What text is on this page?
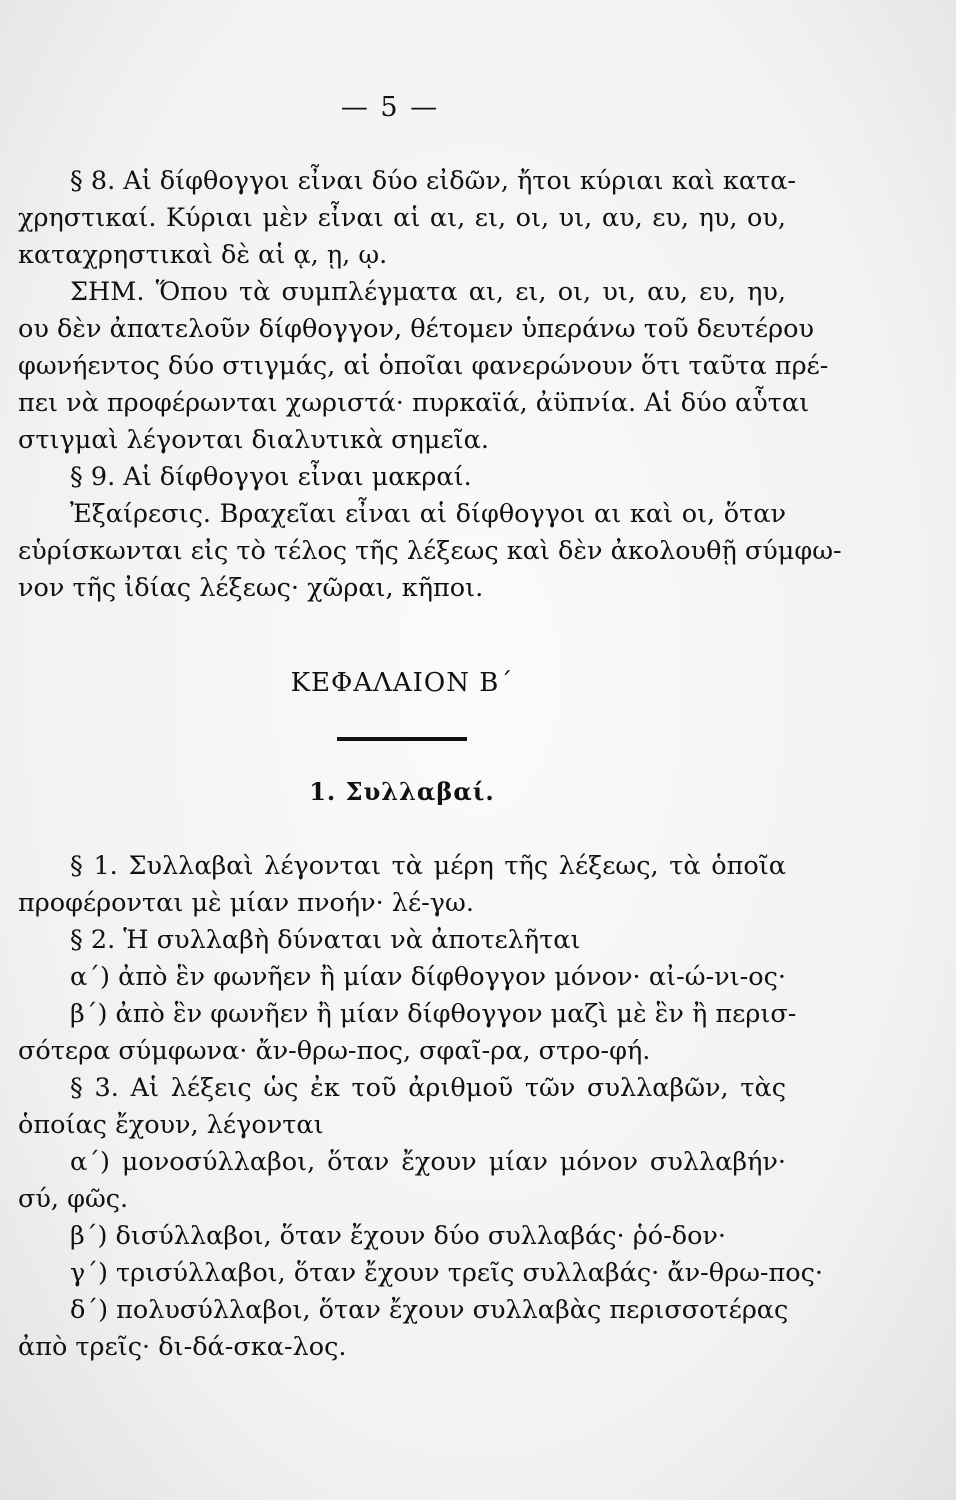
— 5 —
§ 8. Αἱ δίφθογγοι εἶναι δύο εἰδῶν, ἤτοι κύριαι καὶ κατα-
χρηστικαί. Κύριαι μὲν εἶναι αἱ αι, ει, οι, υι, αυ, ευ, ηυ, ου,
καταχρηστικαὶ δὲ αἱ ᾳ, ῃ, ῳ.
ΣΗΜ. Ὅπου τὰ συμπλέγματα αι, ει, οι, υι, αυ, ευ, ηυ,
ου δὲν ἀπατελοῦν δίφθογγον, θέτομεν ὑπεράνω τοῦ δευτέρου
φωνήεντος δύο στιγμάς, αἱ ὁποῖαι φανερώνουν ὅτι ταῦτα πρέ-
πει νὰ προφέρωνται χωριστά· πυρκαϊά, ἀϋπνία. Αἱ δύο αὗται
στιγμαὶ λέγονται διαλυτικὰ σημεῖα.
§ 9. Αἱ δίφθογγοι εἶναι μακραί.
Ἐξαίρεσις. Βραχεῖαι εἶναι αἱ δίφθογγοι αι καὶ οι, ὅταν
εὑρίσκωνται εἰς τὸ τέλος τῆς λέξεως καὶ δὲν ἀκολουθῇ σύμφω-
νον τῆς ἰδίας λέξεως· χῶραι, κῆποι.
ΚΕΦΑΛΑΙΟΝ Β΄
1. Συλλαβαί.
§ 1. Συλλαβαὶ λέγονται τὰ μέρη τῆς λέξεως, τὰ ὁποῖα
προφέρονται μὲ μίαν πνοήν· λέ-γω.
§ 2. Ἡ συλλαβὴ δύναται νὰ ἀποτελῆται
α΄) ἀπὸ ἓν φωνῆεν ἢ μίαν δίφθογγον μόνον· αἰ-ώ-νι-ος·
β΄) ἀπὸ ἓν φωνῆεν ἢ μίαν δίφθογγον μαζὶ μὲ ἓν ἢ περισ-
σότερα σύμφωνα· ἄν-θρω-πος, σφαῖ-ρα, στρο-φή.
§ 3. Αἱ λέξεις ὡς ἐκ τοῦ ἀριθμοῦ τῶν συλλαβῶν, τὰς
ὁποίας ἔχουν, λέγονται
α΄) μονοσύλλαβοι, ὅταν ἔχουν μίαν μόνον συλλαβήν·
σύ, φῶς.
β΄) δισύλλαβοι, ὅταν ἔχουν δύο συλλαβάς· ῥό-δον·
γ΄) τρισύλλαβοι, ὅταν ἔχουν τρεῖς συλλαβάς· ἄν-θρω-πος·
δ΄) πολυσύλλαβοι, ὅταν ἔχουν συλλαβὰς περισσοτέρας
ἀπὸ τρεῖς· δι-δά-σκα-λος.
